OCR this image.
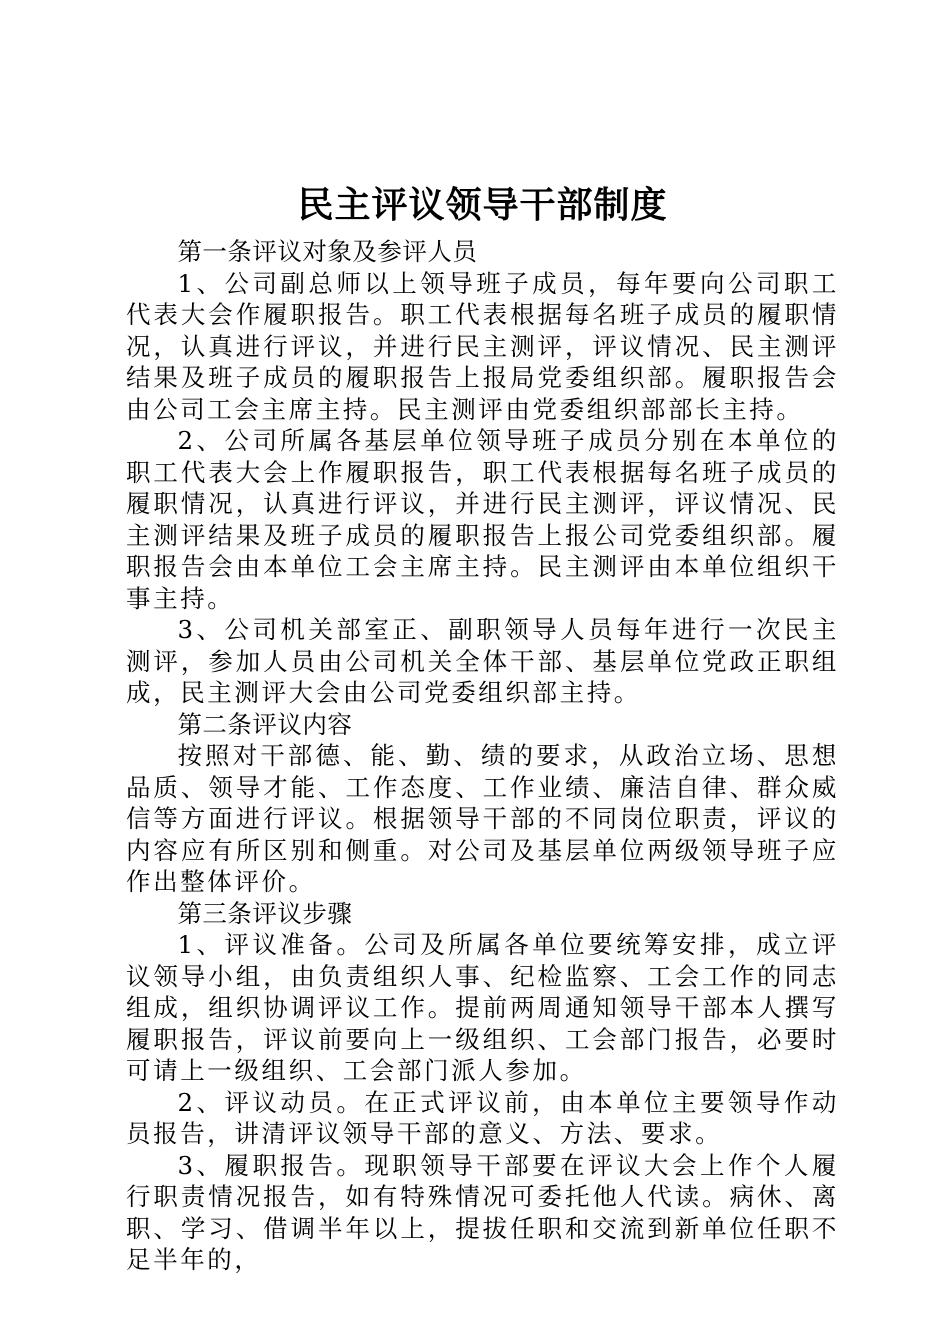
民主评议领导干部制度

第一条评议对象及参评人员

1、公司副总师以上领导班子成员，每年要向公司职工代表大会作履职报告。职工代表根据每名班子成员的履职情况，认真进行评议，并进行民主测评，评议情况、民主测评结果及班子成员的履职报告上报局党委组织部。履职报告会由公司工会主席主持。民主测评由党委组织部部长主持。

2、公司所属各基层单位领导班子成员分别在本单位的职工代表大会上作履职报告，职工代表根据每名班子成员的履职情况，认真进行评议，并进行民主测评，评议情况、民主测评结果及班子成员的履职报告上报公司党委组织部。履职报告会由本单位工会主席主持。民主测评由本单位组织干事主持。

3、公司机关部室正、副职领导人员每年进行一次民主测评，参加人员由公司机关全体干部、基层单位党政正职组成，民主测评大会由公司党委组织部主持。

第二条评议内容

按照对干部德、能、勤、绩的要求，从政治立场、思想品质、领导才能、工作态度、工作业绩、廉洁自律、群众威信等方面进行评议。根据领导干部的不同岗位职责，评议的内容应有所区别和侧重。对公司及基层单位两级领导班子应作出整体评价。

第三条评议步骤

1、评议准备。公司及所属各单位要统筹安排，成立评议领导小组，由负责组织人事、纪检监察、工会工作的同志组成，组织协调评议工作。提前两周通知领导干部本人撰写履职报告，评议前要向上一级组织、工会部门报告，必要时可请上一级组织、工会部门派人参加。

2、评议动员。在正式评议前，由本单位主要领导作动员报告，讲清评议领导干部的意义、方法、要求。

3、履职报告。现职领导干部要在评议大会上作个人履行职责情况报告，如有特殊情况可委托他人代读。病休、离职、学习、借调半年以上，提拔任职和交流到新单位任职不足半年的，
